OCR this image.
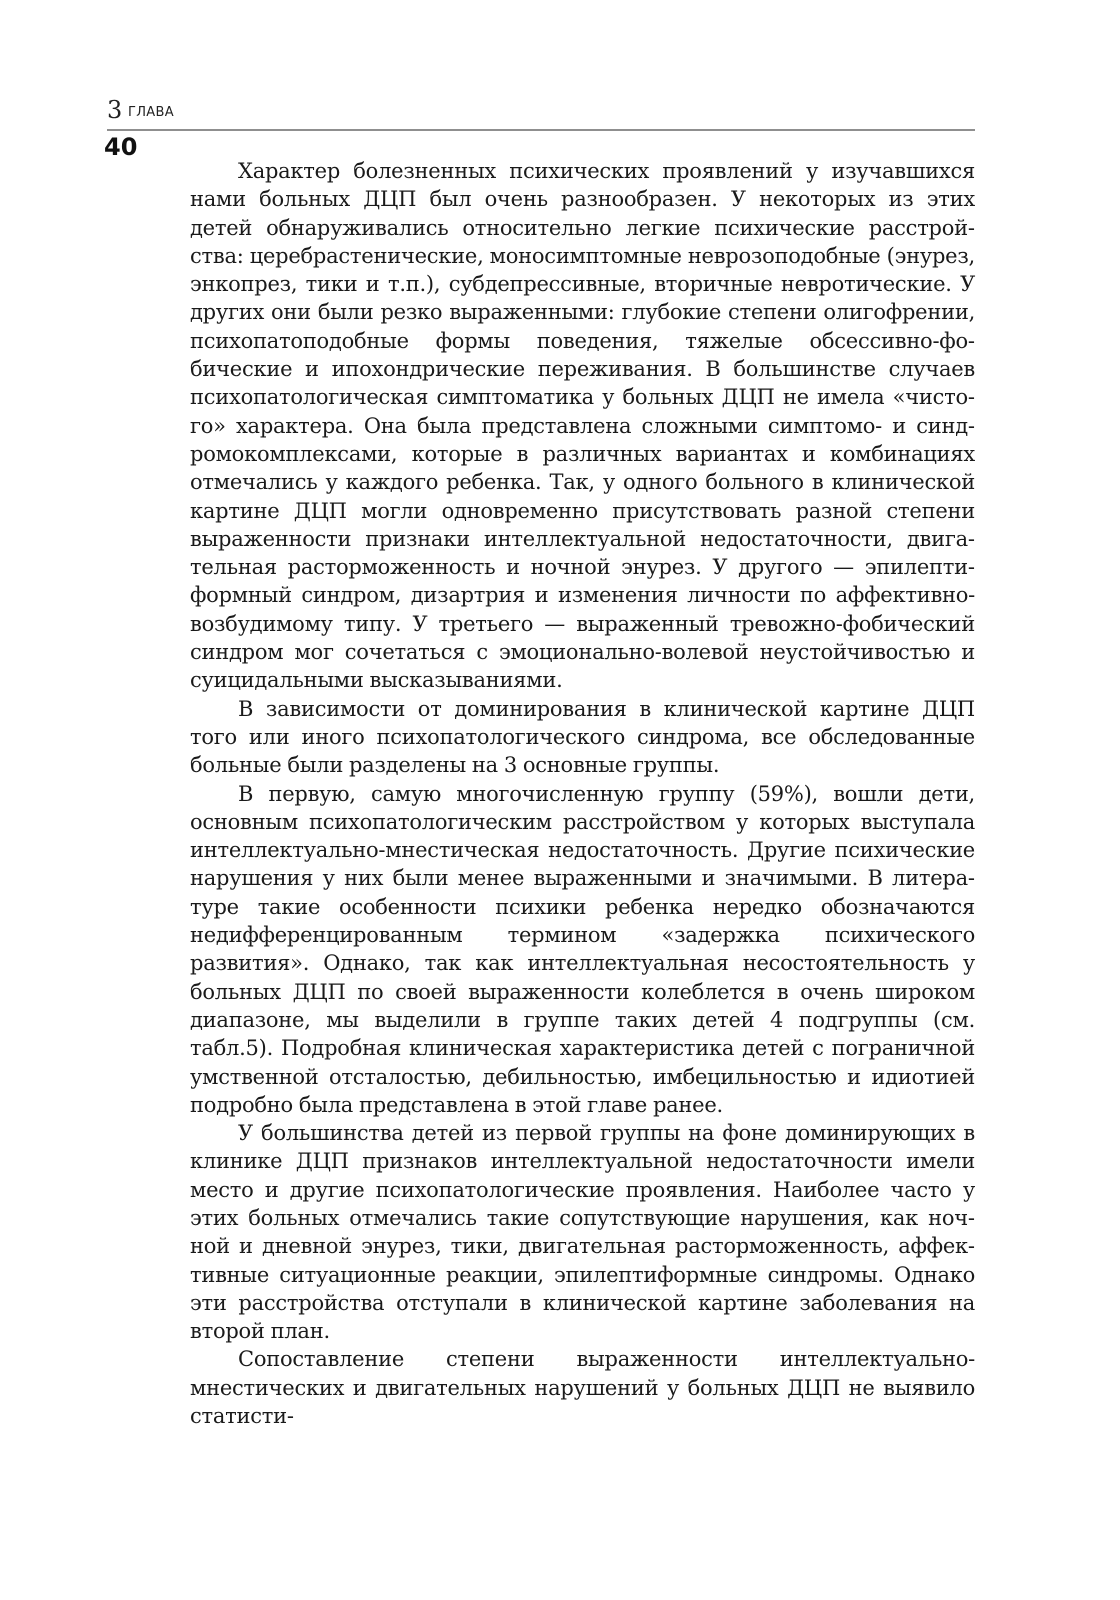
3 ГЛАВА
40

Характер болезненных психических проявлений у изучавшихся нами больных ДЦП был очень разнообразен. У некоторых из этих детей обнаруживались относительно легкие психические расстройства: церебрастенические, моносимптомные неврозоподобные (энурез, энкопрез, тики и т.п.), субдепрессивные, вторичные невротические. У других они были резко выраженными: глубокие степени олигофрении, психопатоподобные формы поведения, тяжелые обсессивно-фобические и ипохондрические переживания. В большинстве случаев психопатологическая симптоматика у больных ДЦП не имела «чистого» характера. Она была представлена сложными симптомо- и синдромокомплексами, которые в различных вариантах и комбинациях отмечались у каждого ребенка. Так, у одного больного в клинической картине ДЦП могли одновременно присутствовать разной степени выраженности признаки интеллектуальной недостаточности, двигательная расторможенность и ночной энурез. У другого — эпилептиформный синдром, дизартрия и изменения личности по аффективно-возбудимому типу. У третьего — выраженный тревожно-фобический синдром мог сочетаться с эмоционально-волевой неустойчивостью и суицидальными высказываниями.

В зависимости от доминирования в клинической картине ДЦП того или иного психопатологического синдрома, все обследованные больные были разделены на 3 основные группы.

В первую, самую многочисленную группу (59%), вошли дети, основным психопатологическим расстройством у которых выступала интеллектуально-мнестическая недостаточность. Другие психические нарушения у них были менее выраженными и значимыми. В литературе такие особенности психики ребенка нередко обозначаются недифференцированным термином «задержка психического развития». Однако, так как интеллектуальная несостоятельность у больных ДЦП по своей выраженности колеблется в очень широком диапазоне, мы выделили в группе таких детей 4 подгруппы (см. табл.5). Подробная клиническая характеристика детей с пограничной умственной отсталостью, дебильностью, имбецильностью и идиотией подробно была представлена в этой главе ранее.

У большинства детей из первой группы на фоне доминирующих в клинике ДЦП признаков интеллектуальной недостаточности имели место и другие психопатологические проявления. Наиболее часто у этих больных отмечались такие сопутствующие нарушения, как ночной и дневной энурез, тики, двигательная расторможенность, аффективные ситуационные реакции, эпилептиформные синдромы. Однако эти расстройства отступали в клинической картине заболевания на второй план.

Сопоставление степени выраженности интеллектуально-мнестических и двигательных нарушений у больных ДЦП не выявило статисти-
